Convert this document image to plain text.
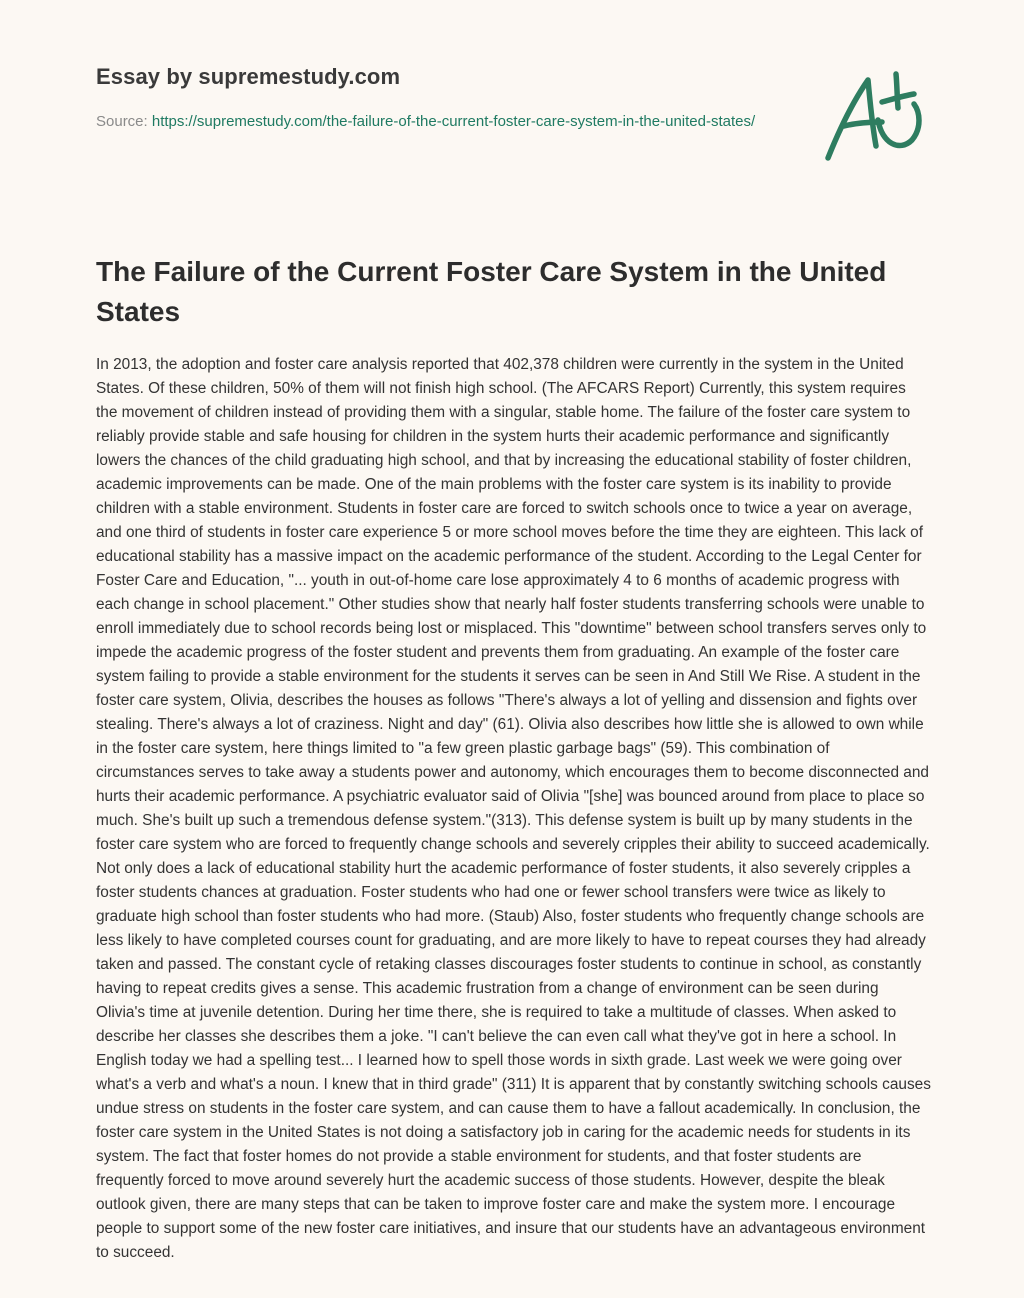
Essay by supremestudy.com
Source: https://supremestudy.com/the-failure-of-the-current-foster-care-system-in-the-united-states/
The Failure of the Current Foster Care System in the United States

In 2013, the adoption and foster care analysis reported that 402,378 children were currently in the system in the United States. Of these children, 50% of them will not finish high school. (The AFCARS Report) Currently, this system requires the movement of children instead of providing them with a singular, stable home. The failure of the foster care system to reliably provide stable and safe housing for children in the system hurts their academic performance and significantly lowers the chances of the child graduating high school, and that by increasing the educational stability of foster children, academic improvements can be made. One of the main problems with the foster care system is its inability to provide children with a stable environment. Students in foster care are forced to switch schools once to twice a year on average, and one third of students in foster care experience 5 or more school moves before the time they are eighteen. This lack of educational stability has a massive impact on the academic performance of the student. According to the Legal Center for Foster Care and Education, "... youth in out-of-home care lose approximately 4 to 6 months of academic progress with each change in school placement." Other studies show that nearly half foster students transferring schools were unable to enroll immediately due to school records being lost or misplaced. This "downtime" between school transfers serves only to impede the academic progress of the foster student and prevents them from graduating. An example of the foster care system failing to provide a stable environment for the students it serves can be seen in And Still We Rise. A student in the foster care system, Olivia, describes the houses as follows "There's always a lot of yelling and dissension and fights over stealing. There's always a lot of craziness. Night and day" (61). Olivia also describes how little she is allowed to own while in the foster care system, here things limited to "a few green plastic garbage bags" (59). This combination of circumstances serves to take away a students power and autonomy, which encourages them to become disconnected and hurts their academic performance. A psychiatric evaluator said of Olivia "[she] was bounced around from place to place so much. She's built up such a tremendous defense system."(313). This defense system is built up by many students in the foster care system who are forced to frequently change schools and severely cripples their ability to succeed academically. Not only does a lack of educational stability hurt the academic performance of foster students, it also severely cripples a foster students chances at graduation. Foster students who had one or fewer school transfers were twice as likely to graduate high school than foster students who had more. (Staub) Also, foster students who frequently change schools are less likely to have completed courses count for graduating, and are more likely to have to repeat courses they had already taken and passed. The constant cycle of retaking classes discourages foster students to continue in school, as constantly having to repeat credits gives a sense. This academic frustration from a change of environment can be seen during Olivia's time at juvenile detention. During her time there, she is required to take a multitude of classes. When asked to describe her classes she describes them a joke. "I can't believe the can even call what they've got in here a school. In English today we had a spelling test... I learned how to spell those words in sixth grade. Last week we were going over what's a verb and what's a noun. I knew that in third grade" (311) It is apparent that by constantly switching schools causes undue stress on students in the foster care system, and can cause them to have a fallout academically. In conclusion, the foster care system in the United States is not doing a satisfactory job in caring for the academic needs for students in its system. The fact that foster homes do not provide a stable environment for students, and that foster students are frequently forced to move around severely hurt the academic success of those students. However, despite the bleak outlook given, there are many steps that can be taken to improve foster care and make the system more. I encourage people to support some of the new foster care initiatives, and insure that our students have an advantageous environment to succeed.
